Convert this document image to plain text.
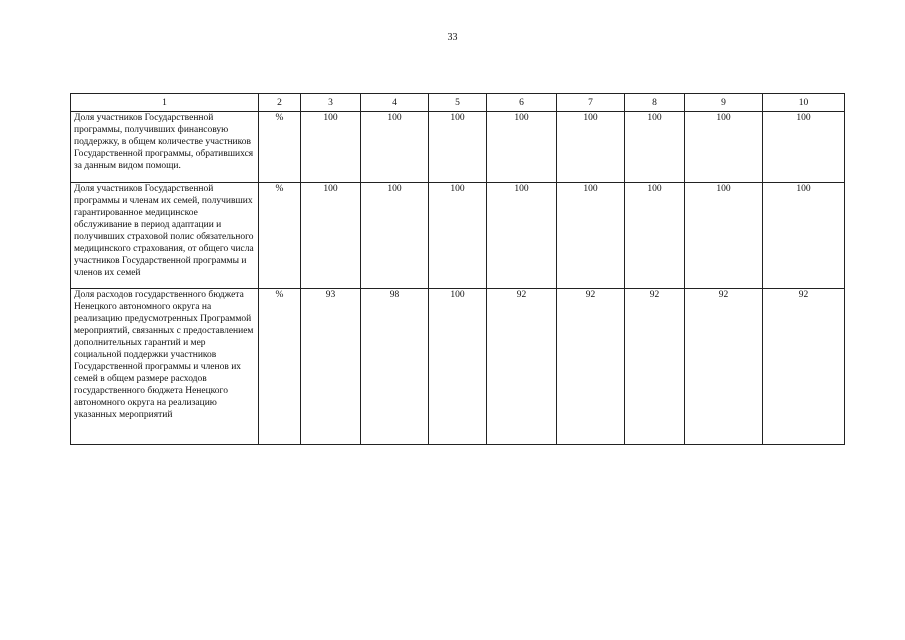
33
1	2	3	4	5	6	7	8	9	10
Доля участников Государственной программы, получивших финансовую поддержку, в общем количестве участников Государственной программы, обратившихся за данным видом помощи.	%	100	100	100	100	100	100	100	100
Доля участников Государственной программы и членам их семей, получивших гарантированное медицинское обслуживание в период адаптации и получивших страховой полис обязательного медицинского страхования, от общего числа участников Государственной программы и членов их семей	%	100	100	100	100	100	100	100	100
Доля расходов государственного бюджета Ненецкого автономного округа на реализацию предусмотренных Программой мероприятий, связанных с предоставлением дополнительных гарантий и мер социальной поддержки участников Государственной программы и членов их семей в общем размере расходов государственного бюджета Ненецкого автономного округа на реализацию указанных мероприятий	%	93	98	100	92	92	92	92	92
